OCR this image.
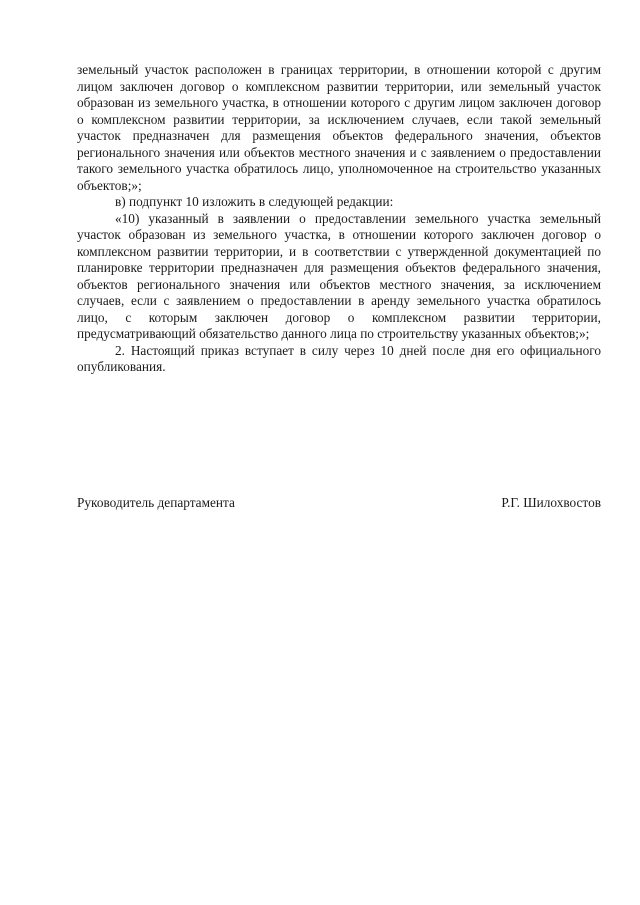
земельный участок расположен в границах территории, в отношении которой с другим лицом заключен договор о комплексном развитии территории, или земельный участок образован из земельного участка, в отношении которого с другим лицом заключен договор о комплексном развитии территории, за исключением случаев, если такой земельный участок предназначен для размещения объектов федерального значения, объектов регионального значения или объектов местного значения и с заявлением о предоставлении такого земельного участка обратилось лицо, уполномоченное на строительство указанных объектов;»;

в) подпункт 10 изложить в следующей редакции:

«10) указанный в заявлении о предоставлении земельного участка земельный участок образован из земельного участка, в отношении которого заключен договор о комплексном развитии территории, и в соответствии с утвержденной документацией по планировке территории предназначен для размещения объектов федерального значения, объектов регионального значения или объектов местного значения, за исключением случаев, если с заявлением о предоставлении в аренду земельного участка обратилось лицо, с которым заключен договор о комплексном развитии территории, предусматривающий обязательство данного лица по строительству указанных объектов;»;

2. Настоящий приказ вступает в силу через 10 дней после дня его официального опубликования.

Руководитель департамента	Р.Г. Шилохвостов
